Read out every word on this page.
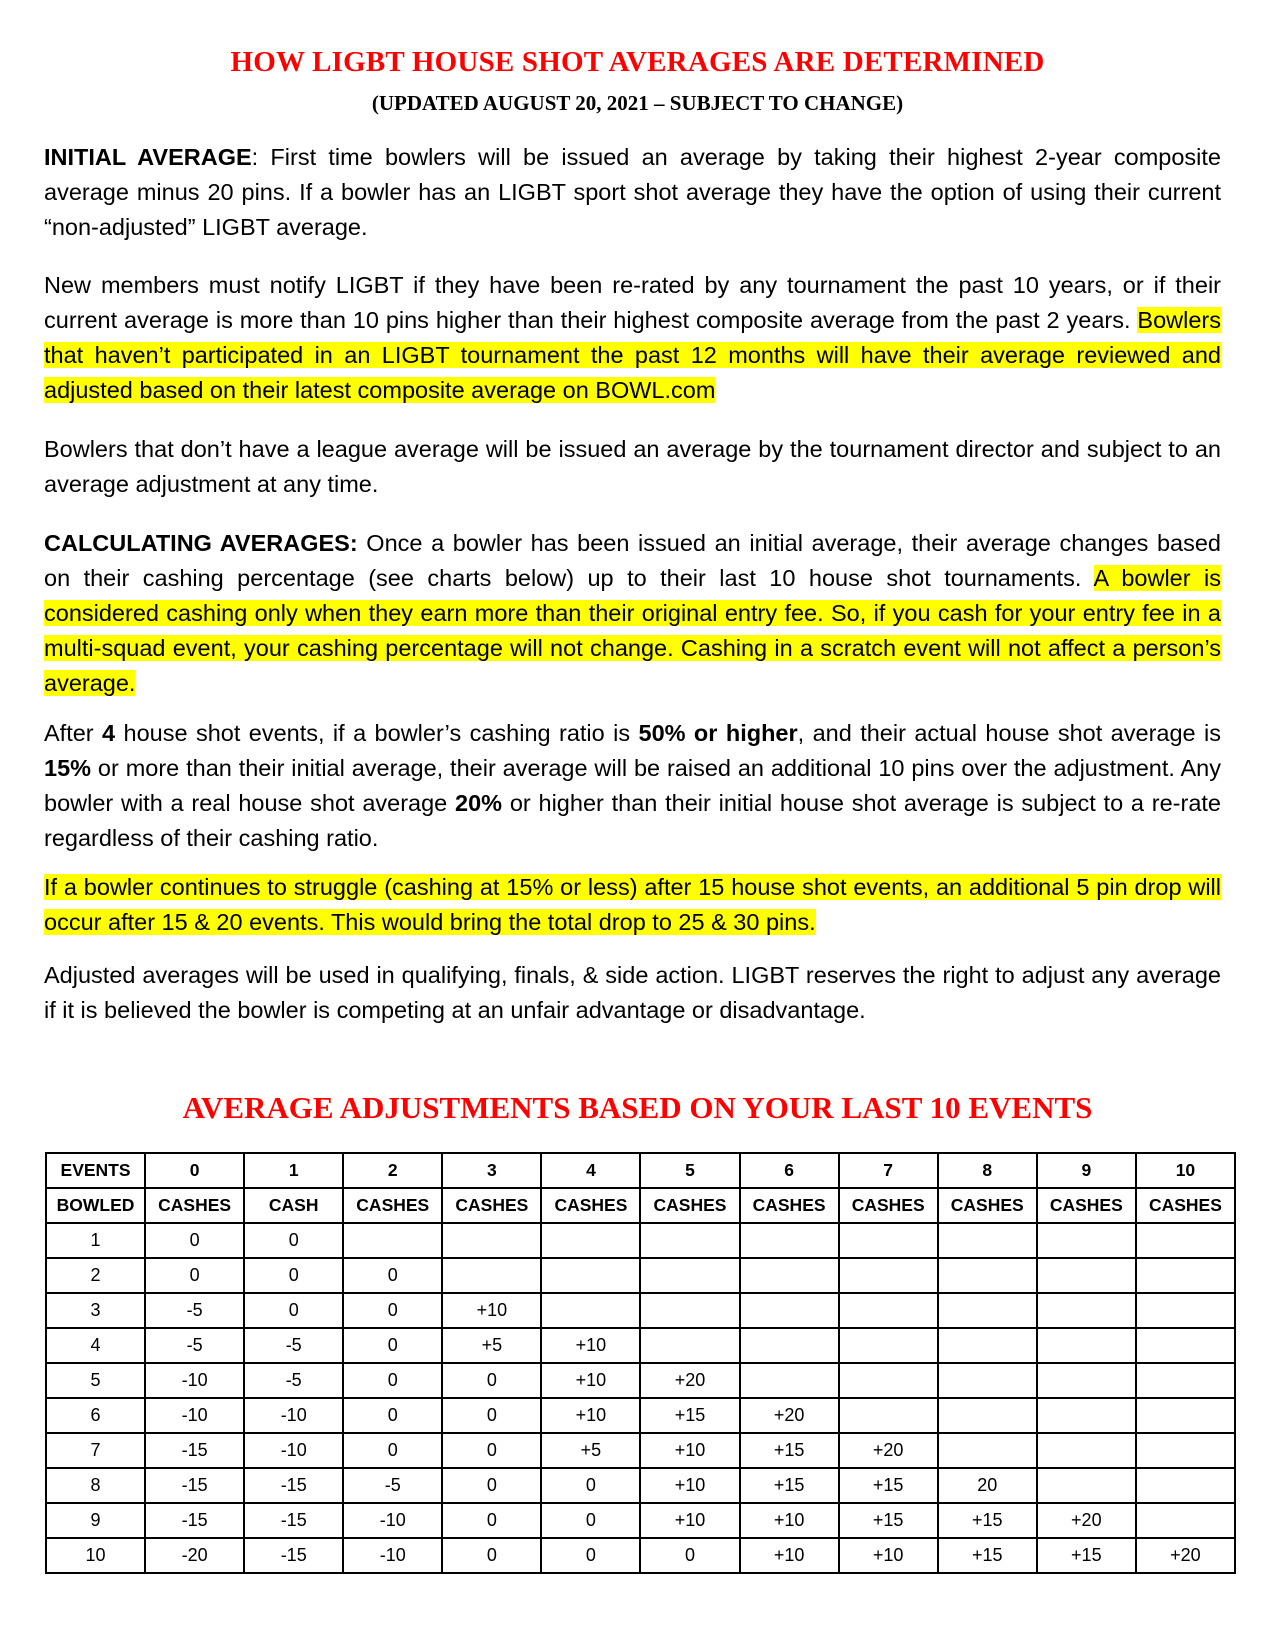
HOW LIGBT HOUSE SHOT AVERAGES ARE DETERMINED
(UPDATED AUGUST 20, 2021 – SUBJECT TO CHANGE)
INITIAL AVERAGE: First time bowlers will be issued an average by taking their highest 2-year composite average minus 20 pins. If a bowler has an LIGBT sport shot average they have the option of using their current “non-adjusted” LIGBT average.
New members must notify LIGBT if they have been re-rated by any tournament the past 10 years, or if their current average is more than 10 pins higher than their highest composite average from the past 2 years. Bowlers that haven’t participated in an LIGBT tournament the past 12 months will have their average reviewed and adjusted based on their latest composite average on BOWL.com
Bowlers that don’t have a league average will be issued an average by the tournament director and subject to an average adjustment at any time.
CALCULATING AVERAGES: Once a bowler has been issued an initial average, their average changes based on their cashing percentage (see charts below) up to their last 10 house shot tournaments. A bowler is considered cashing only when they earn more than their original entry fee. So, if you cash for your entry fee in a multi-squad event, your cashing percentage will not change. Cashing in a scratch event will not affect a person’s average.
After 4 house shot events, if a bowler’s cashing ratio is 50% or higher, and their actual house shot average is 15% or more than their initial average, their average will be raised an additional 10 pins over the adjustment. Any bowler with a real house shot average 20% or higher than their initial house shot average is subject to a re-rate regardless of their cashing ratio.
If a bowler continues to struggle (cashing at 15% or less) after 15 house shot events, an additional 5 pin drop will occur after 15 & 20 events. This would bring the total drop to 25 & 30 pins.
Adjusted averages will be used in qualifying, finals, & side action. LIGBT reserves the right to adjust any average if it is believed the bowler is competing at an unfair advantage or disadvantage.
AVERAGE ADJUSTMENTS BASED ON YOUR LAST 10 EVENTS
EVENTS	0	1	2	3	4	5	6	7	8	9	10
BOWLED	CASHES	CASH	CASHES	CASHES	CASHES	CASHES	CASHES	CASHES	CASHES	CASHES	CASHES
1	0	0									
2	0	0	0								
3	-5	0	0	+10							
4	-5	-5	0	+5	+10						
5	-10	-5	0	0	+10	+20					
6	-10	-10	0	0	+10	+15	+20				
7	-15	-10	0	0	+5	+10	+15	+20			
8	-15	-15	-5	0	0	+10	+15	+15	20		
9	-15	-15	-10	0	0	+10	+10	+15	+15	+20	
10	-20	-15	-10	0	0	0	+10	+10	+15	+15	+20
